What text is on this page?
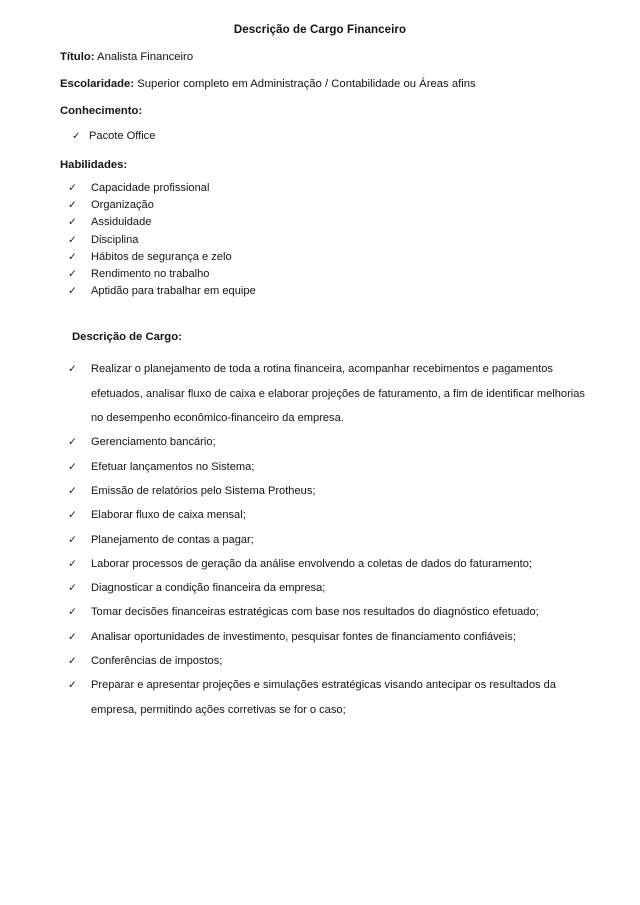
Descrição de Cargo Financeiro
Título: Analista Financeiro
Escolaridade: Superior completo em Administração / Contabilidade ou Áreas afins
Conhecimento:
✓ Pacote Office
Habilidades:
✓ Capacidade profissional
✓ Organização
✓ Assiduidade
✓ Disciplina
✓ Hábitos de segurança e zelo
✓ Rendimento no trabalho
✓ Aptidão para trabalhar em equipe
Descrição de Cargo:
✓ Realizar o planejamento de toda a rotina financeira, acompanhar recebimentos e pagamentos efetuados, analisar fluxo de caixa e elaborar projeções de faturamento, a fim de identificar melhorias no desempenho econômico-financeiro da empresa.
✓ Gerenciamento bancário;
✓ Efetuar lançamentos no Sistema;
✓ Emissão de relatórios pelo Sistema Protheus;
✓ Elaborar fluxo de caixa mensal;
✓ Planejamento de contas a pagar;
✓ Laborar processos de geração da análise envolvendo a coletas de dados do faturamento;
✓ Diagnosticar a condição financeira da empresa;
✓ Tomar decisões financeiras estratégicas com base nos resultados do diagnóstico efetuado;
✓ Analisar oportunidades de investimento, pesquisar fontes de financiamento confiáveis;
✓ Conferências de impostos;
✓ Preparar e apresentar projeções e simulações estratégicas visando antecipar os resultados da empresa, permitindo ações corretivas se for o caso;
